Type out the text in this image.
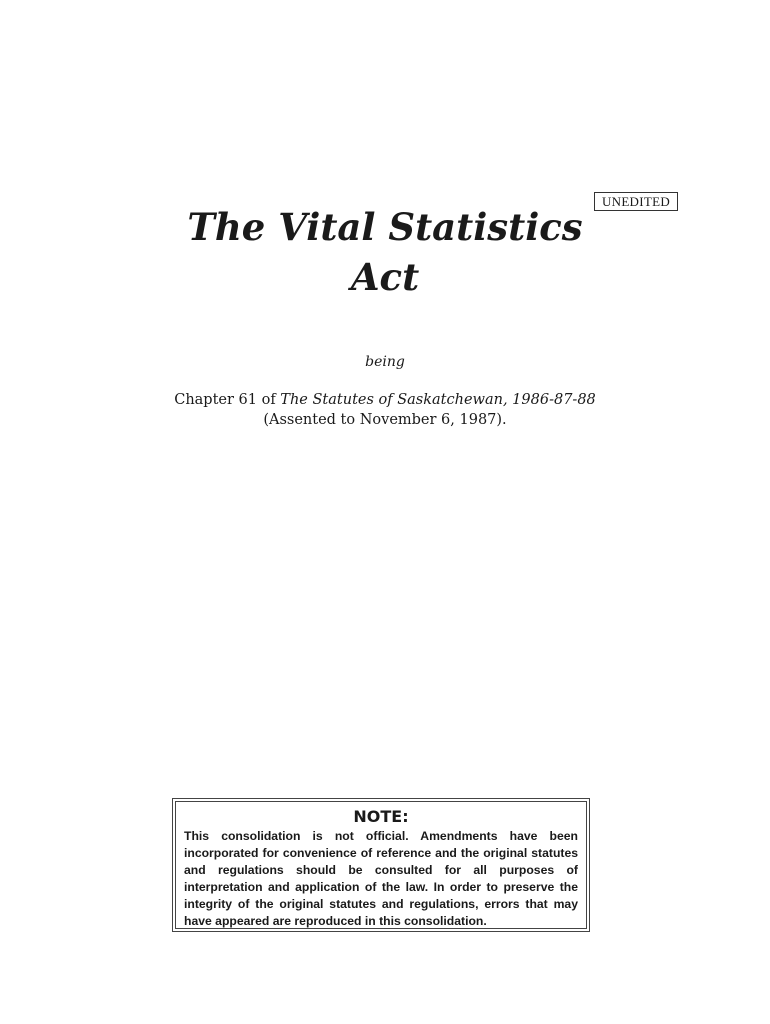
UNEDITED
The Vital Statistics
Act
being
Chapter 61 of The Statutes of Saskatchewan, 1986-87-88
(Assented to November 6, 1987).
NOTE:

This consolidation is not official. Amendments have been incorporated for convenience of reference and the original statutes and regulations should be consulted for all purposes of interpretation and application of the law. In order to preserve the integrity of the original statutes and regulations, errors that may have appeared are reproduced in this consolidation.
